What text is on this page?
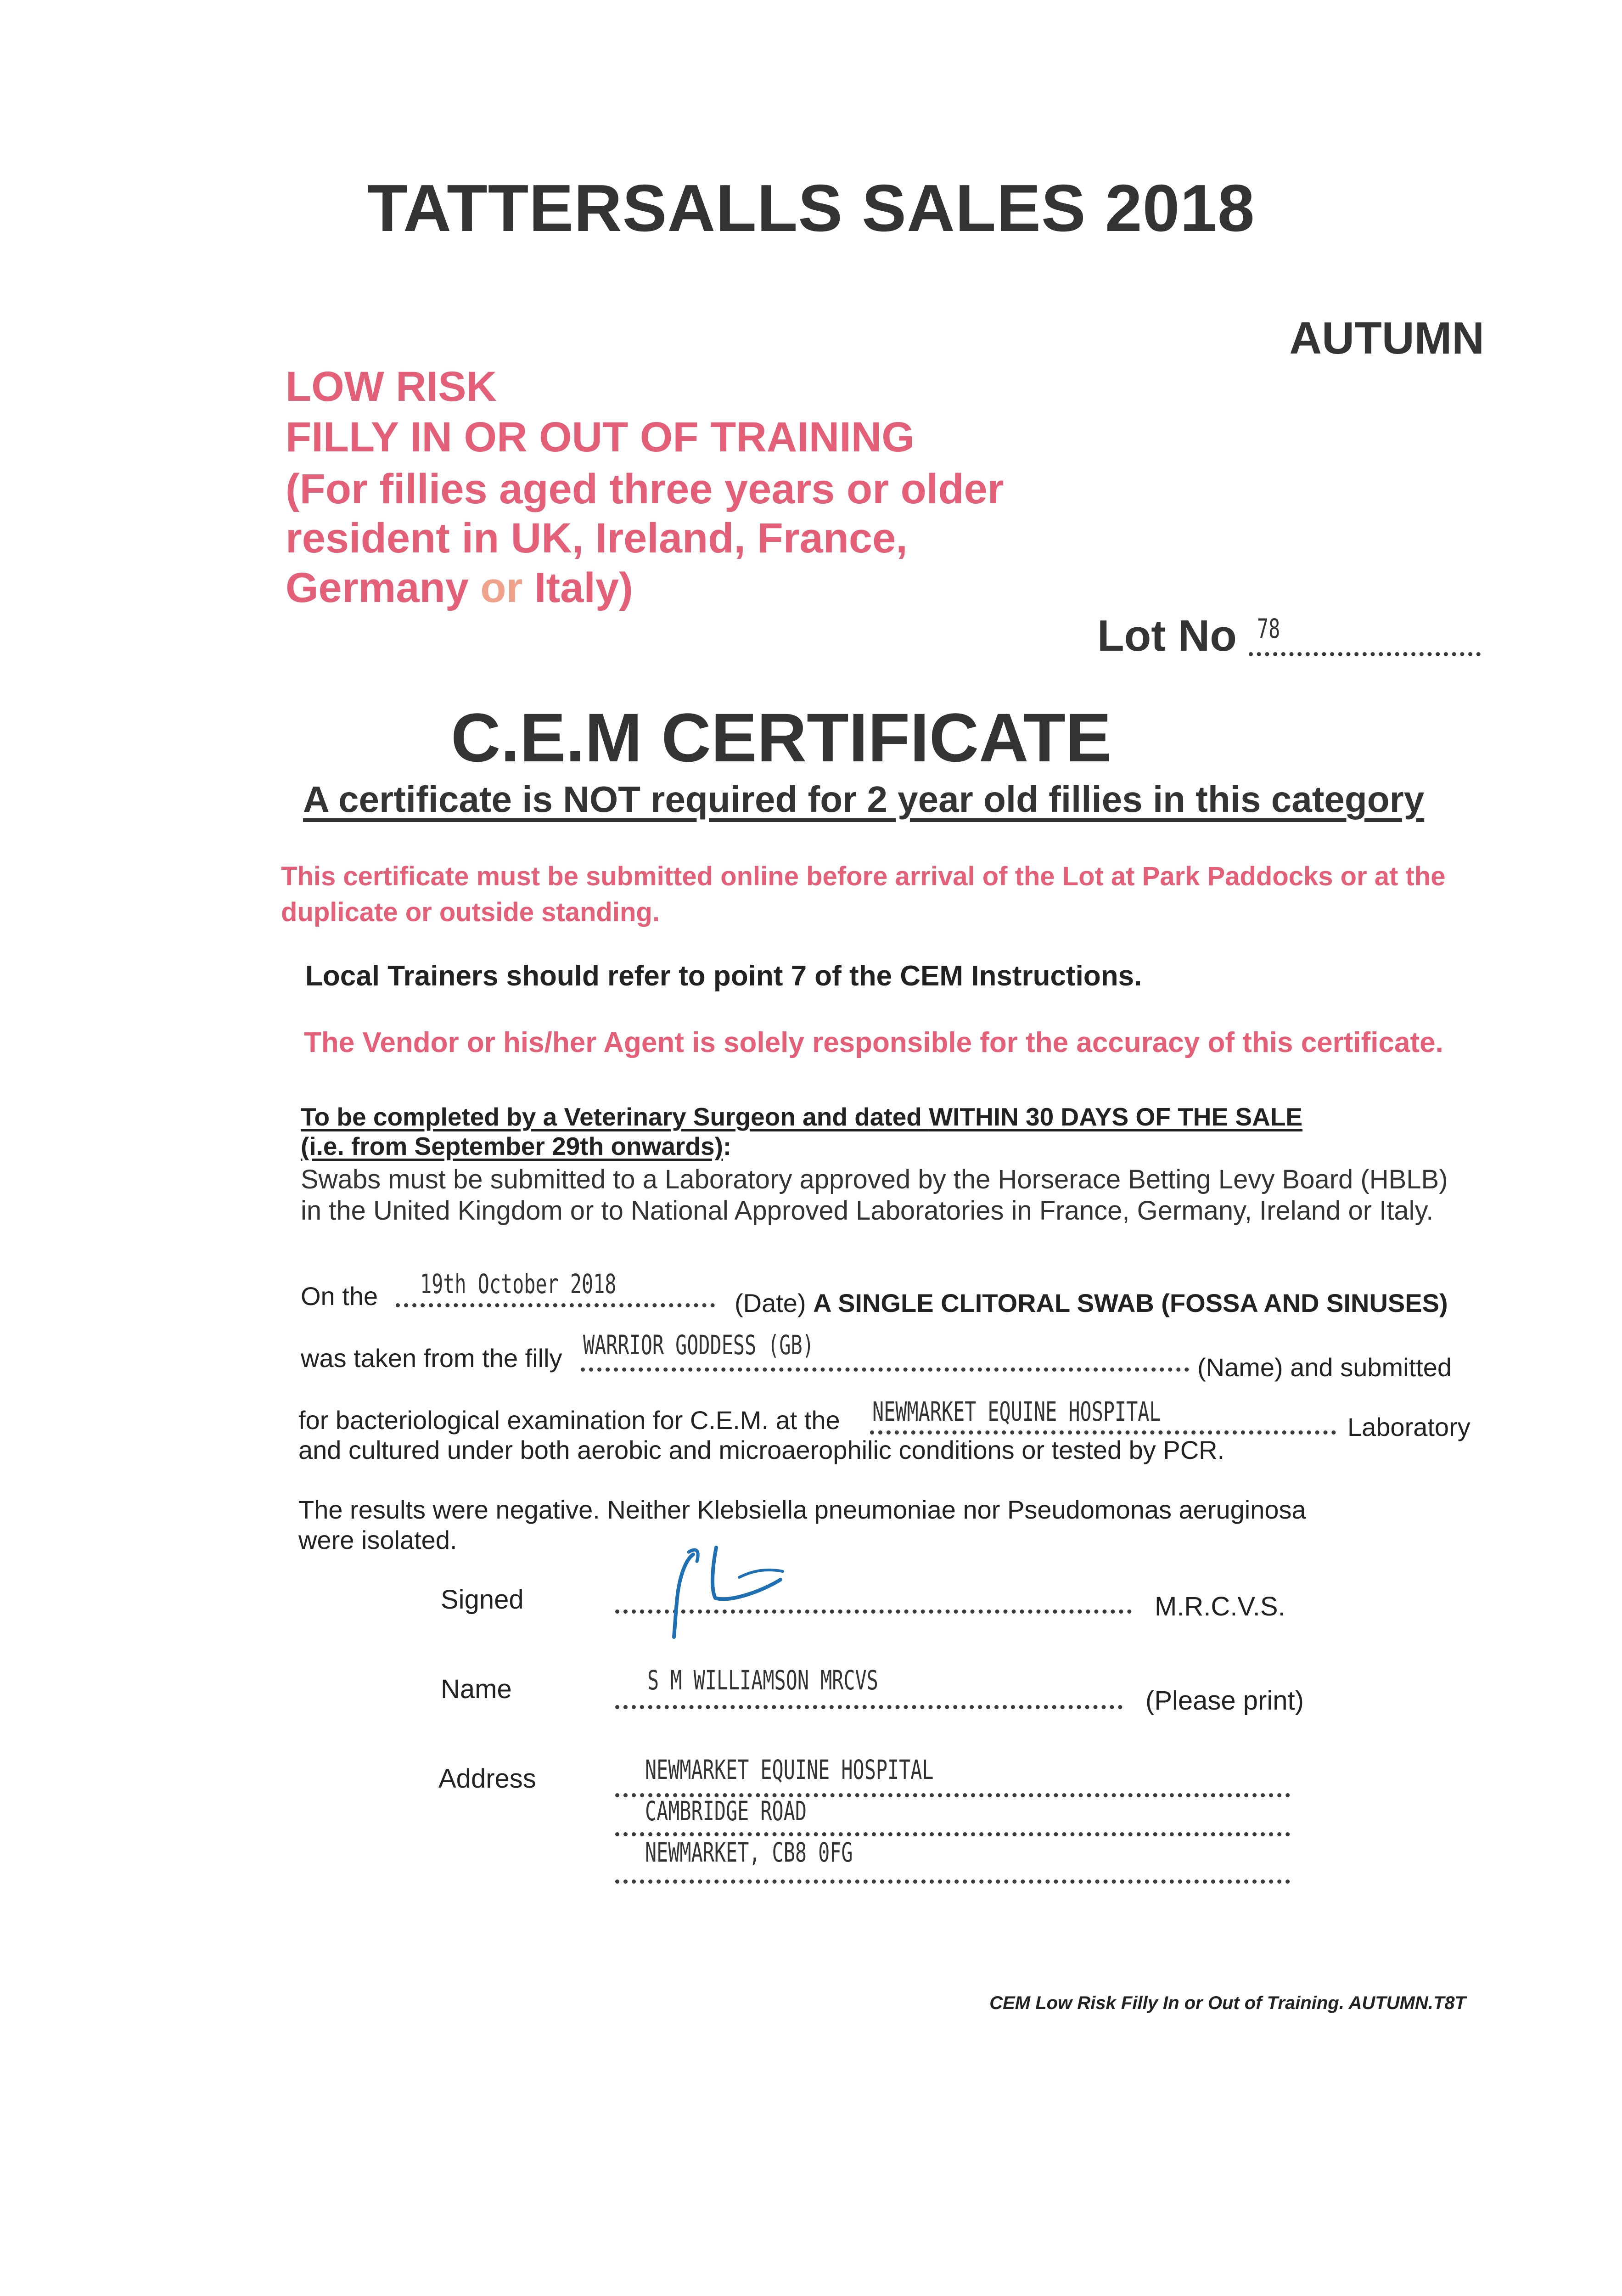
TATTERSALLS SALES 2018
AUTUMN
LOW RISK
FILLY IN OR OUT OF TRAINING
(For fillies aged three years or older
resident in UK, Ireland, France,
Germany or Italy)
Lot No 78
C.E.M CERTIFICATE
A certificate is NOT required for 2 year old fillies in this category
This certificate must be submitted online before arrival of the Lot at Park Paddocks or at the duplicate or outside standing.
Local Trainers should refer to point 7 of the CEM Instructions.
The Vendor or his/her Agent is solely responsible for the accuracy of this certificate.
To be completed by a Veterinary Surgeon and dated WITHIN 30 DAYS OF THE SALE
(i.e. from September 29th onwards):
Swabs must be submitted to a Laboratory approved by the Horserace Betting Levy Board (HBLB)
in the United Kingdom or to National Approved Laboratories in France, Germany, Ireland or Italy.
On the 19th October 2018
(Date) A SINGLE CLITORAL SWAB (FOSSA AND SINUSES)
was taken from the filly WARRIOR GODDESS (GB)
(Name) and submitted
for bacteriological examination for C.E.M. at the NEWMARKET EQUINE HOSPITAL	Laboratory
and cultured under both aerobic and microaerophilic conditions or tested by PCR.
The results were negative. Neither Klebsiella pneumoniae nor Pseudomonas aeruginosa
were isolated.
Signed	M.R.C.V.S.
Name	S M WILLIAMSON MRCVS
(Please print)
Address	NEWMARKET EQUINE HOSPITAL
CAMBRIDGE ROAD
NEWMARKET, CB8 0FG
CEM Low Risk Filly In or Out of Training. AUTUMN.T8T
